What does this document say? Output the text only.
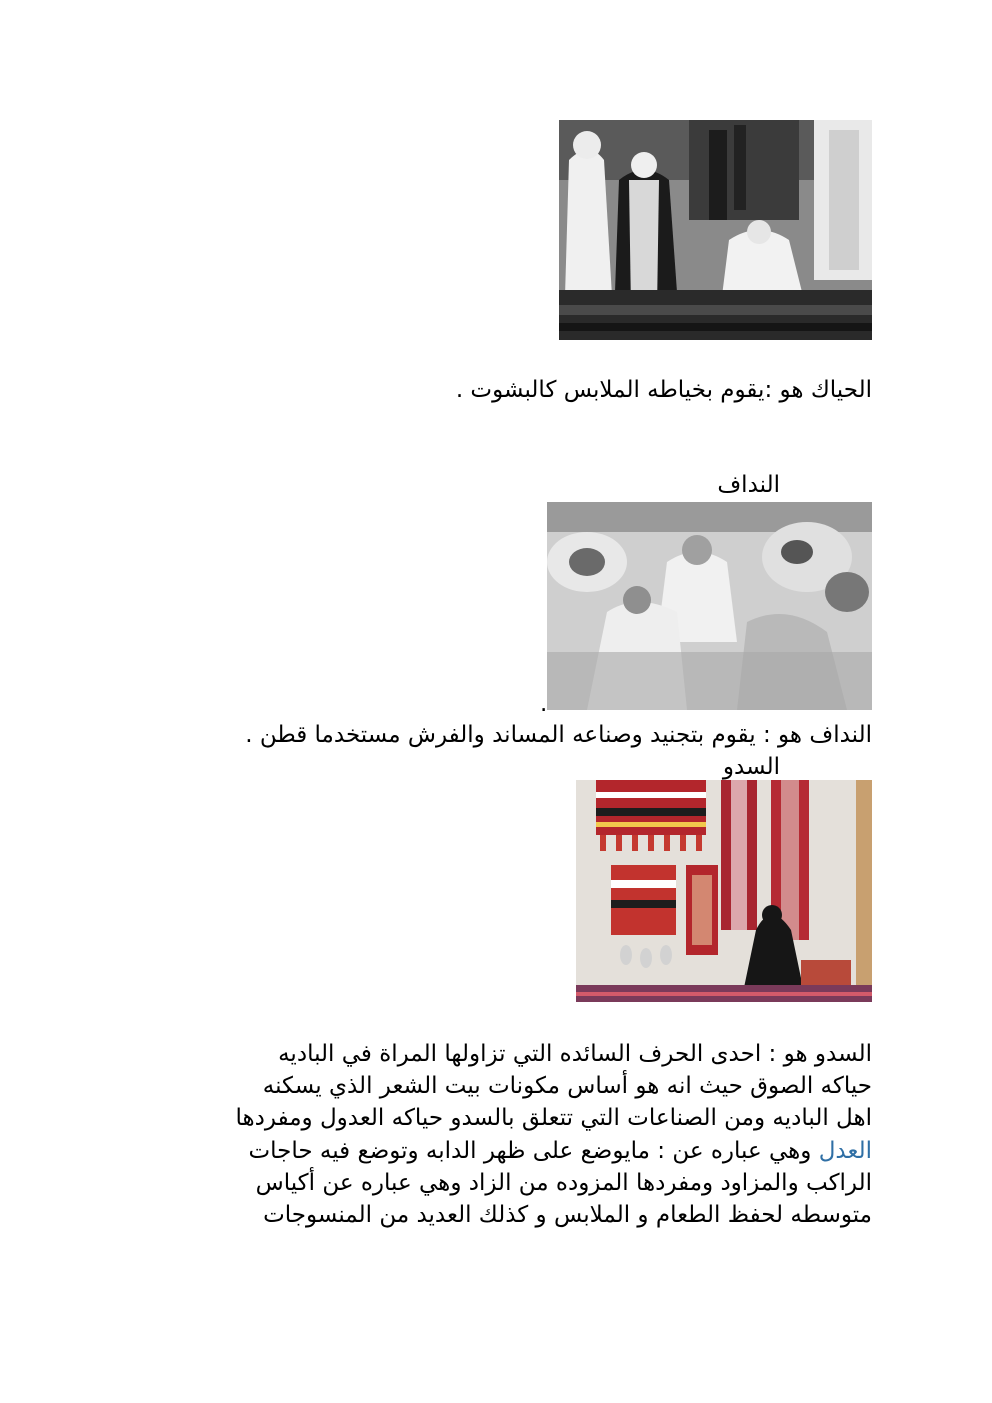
الحياك هو :يقوم بخياطه الملابس كالبشوت .
النداف
.
النداف هو : يقوم بتجنيد وصناعه المساند والفرش مستخدما قطن .
السدو
السدو هو : احدى الحرف السائده التي تزاولها المراة في الباديه
حياكه الصوق حيث انه هو أساس مكونات بيت الشعر الذي يسكنه
اهل الباديه ومن الصناعات التي تتعلق بالسدو حياكه العدول ومفردها
العدل وهي عباره عن : مايوضع على ظهر الدابه وتوضع فيه حاجات
الراكب والمزاود ومفردها المزوده من الزاد وهي عباره عن أكياس
متوسطه لحفظ الطعام و الملابس و كذلك العديد من المنسوجات
